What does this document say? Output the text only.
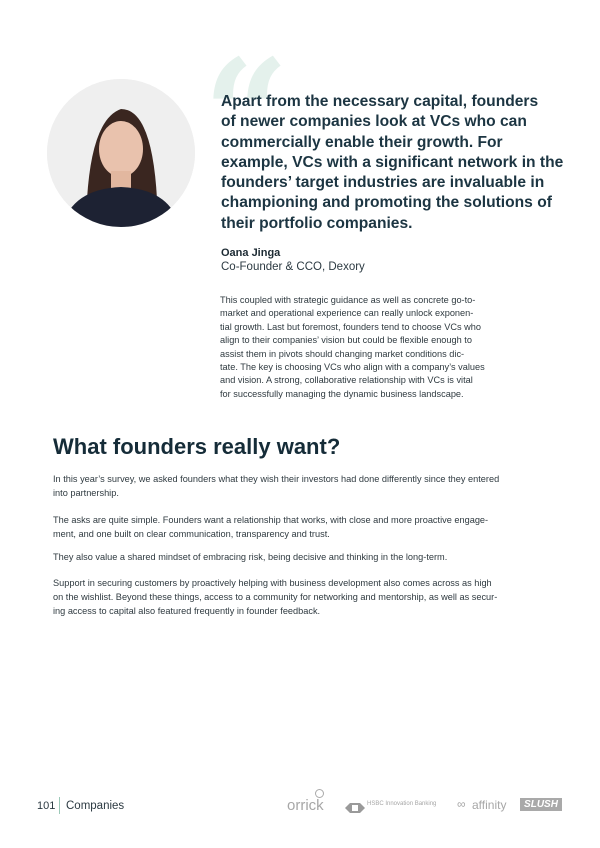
“
Apart from the necessary capital, founders
of newer companies look at VCs who can
commercially enable their growth. For
example, VCs with a significant network in the
founders’ target industries are invaluable in
championing and promoting the solutions of
their portfolio companies.
Oana Jinga
Co-Founder & CCO, Dexory
This coupled with strategic guidance as well as concrete go-to-
market and operational experience can really unlock exponen-
tial growth. Last but foremost, founders tend to choose VCs who
align to their companies’ vision but could be flexible enough to
assist them in pivots should changing market conditions dic-
tate. The key is choosing VCs who align with a company’s values
and vision. A strong, collaborative relationship with VCs is vital
for successfully managing the dynamic business landscape.
What founders really want?
In this year’s survey, we asked founders what they wish their investors had done differently since they entered
into partnership.
The asks are quite simple. Founders want a relationship that works, with close and more proactive engage-
ment, and one built on clear communication, transparency and trust.
They also value a shared mindset of embracing risk, being decisive and thinking in the long-term.
Support in securing customers by proactively helping with business development also comes across as high
on the wishlist. Beyond these things, access to a community for networking and mentorship, as well as secur-
ing access to capital also featured frequently in founder feedback.
101 Companies	orrick	HSBC Innovation Banking ∞ affinity	SLUSH
